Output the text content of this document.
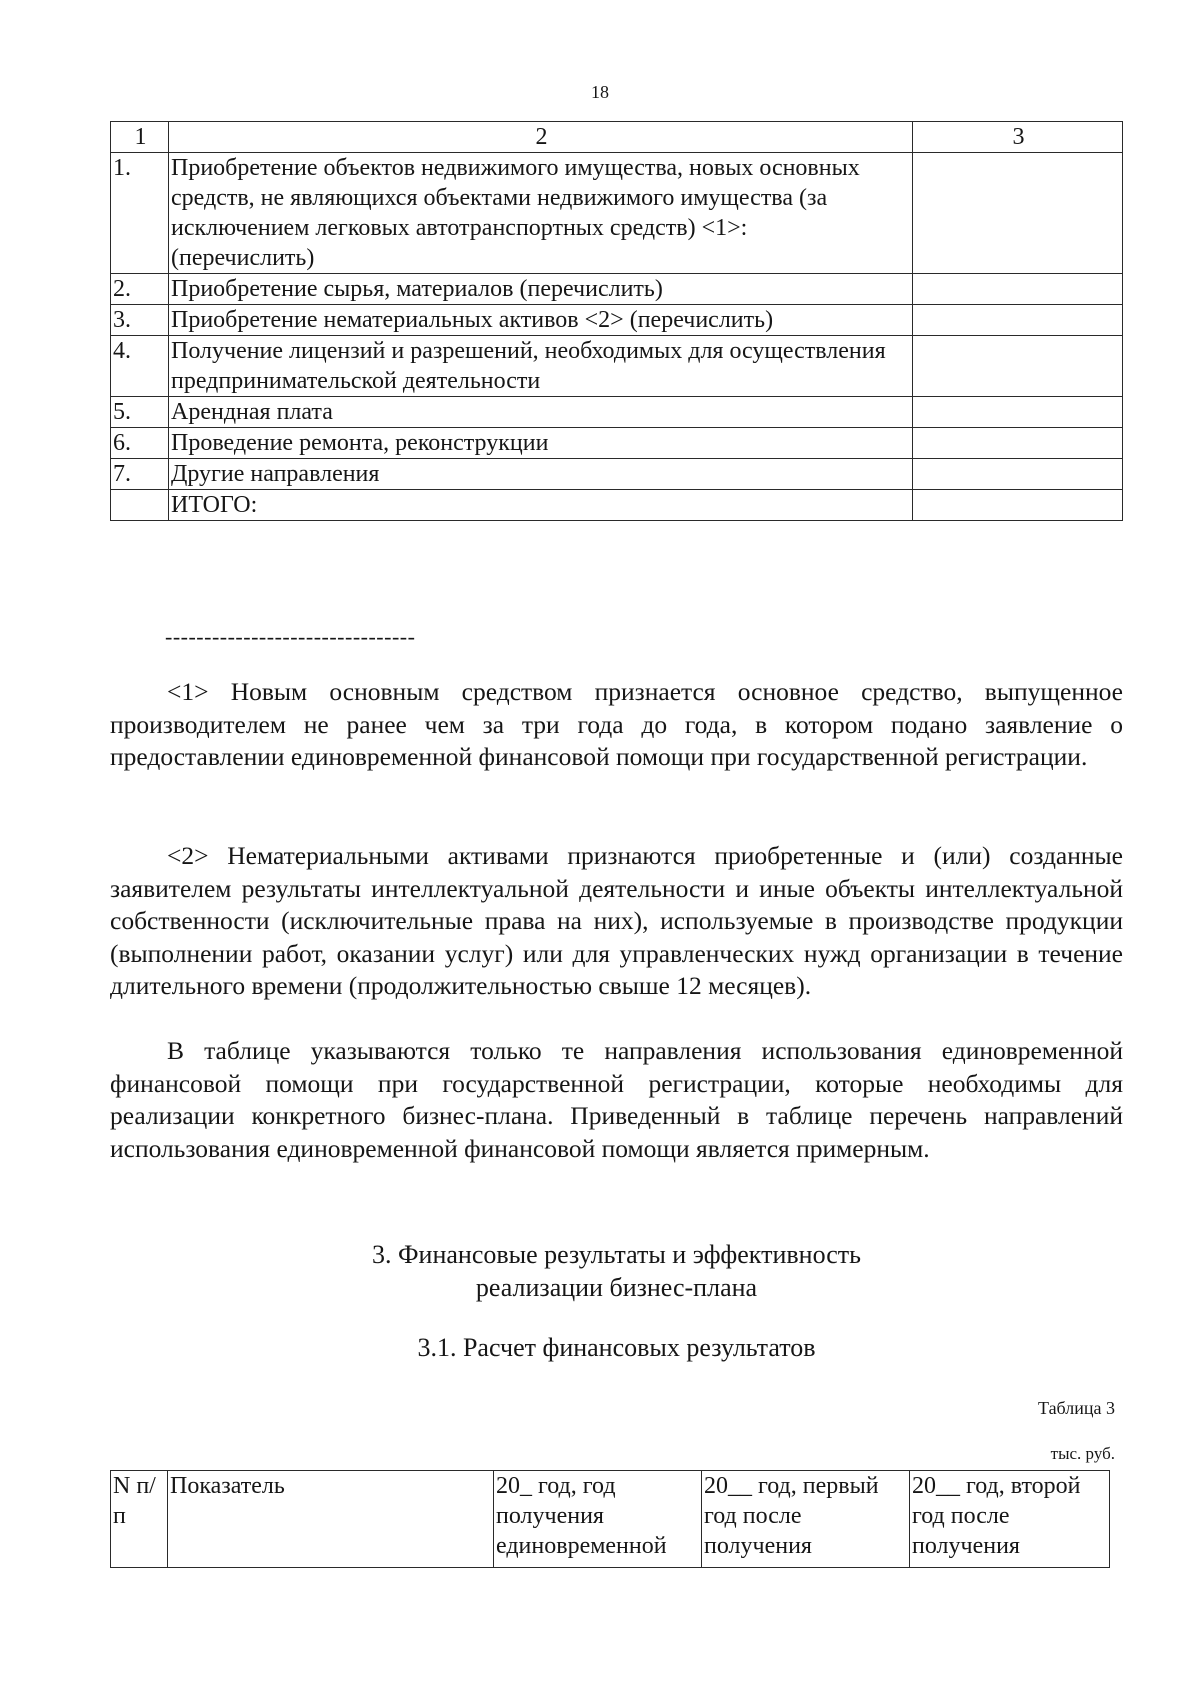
18
1	2	3
1.	Приобретение объектов недвижимого имущества, новых основных средств, не являющихся объектами недвижимого имущества (за исключением легковых автотранспортных средств) <1>:
(перечислить)	

2.	Приобретение сырья, материалов (перечислить)	
3.	Приобретение нематериальных активов <2> (перечислить)	
4.	Получение лицензий и разрешений, необходимых для осуществления предпринимательской деятельности	
5.	Арендная плата	
6.	Проведение ремонта, реконструкции	
7.	Другие направления	
	ИТОГО:	
--------------------------------

<1> Новым основным средством признается основное средство, выпущенное производителем не ранее чем за три года до года, в котором подано заявление о предоставлении единовременной финансовой помощи при государственной регистрации.

<2> Нематериальными активами признаются приобретенные и (или) созданные заявителем результаты интеллектуальной деятельности и иные объекты интеллектуальной собственности (исключительные права на них), используемые в производстве продукции (выполнении работ, оказании услуг) или для управленческих нужд организации в течение длительного времени (продолжительностью свыше 12 месяцев).

В таблице указываются только те направления использования единовременной финансовой помощи при государственной регистрации, которые необходимы для реализации конкретного бизнес-плана. Приведенный в таблице перечень направлений использования единовременной финансовой помощи является примерным.

3. Финансовые результаты и эффективность
реализации бизнес-плана
3.1. Расчет финансовых результатов
Таблица 3
тыс. руб.
N п/п	Показатель	20_ год, год получения единовременной	20__ год, первый год после получения	20__ год, второй год после получения
